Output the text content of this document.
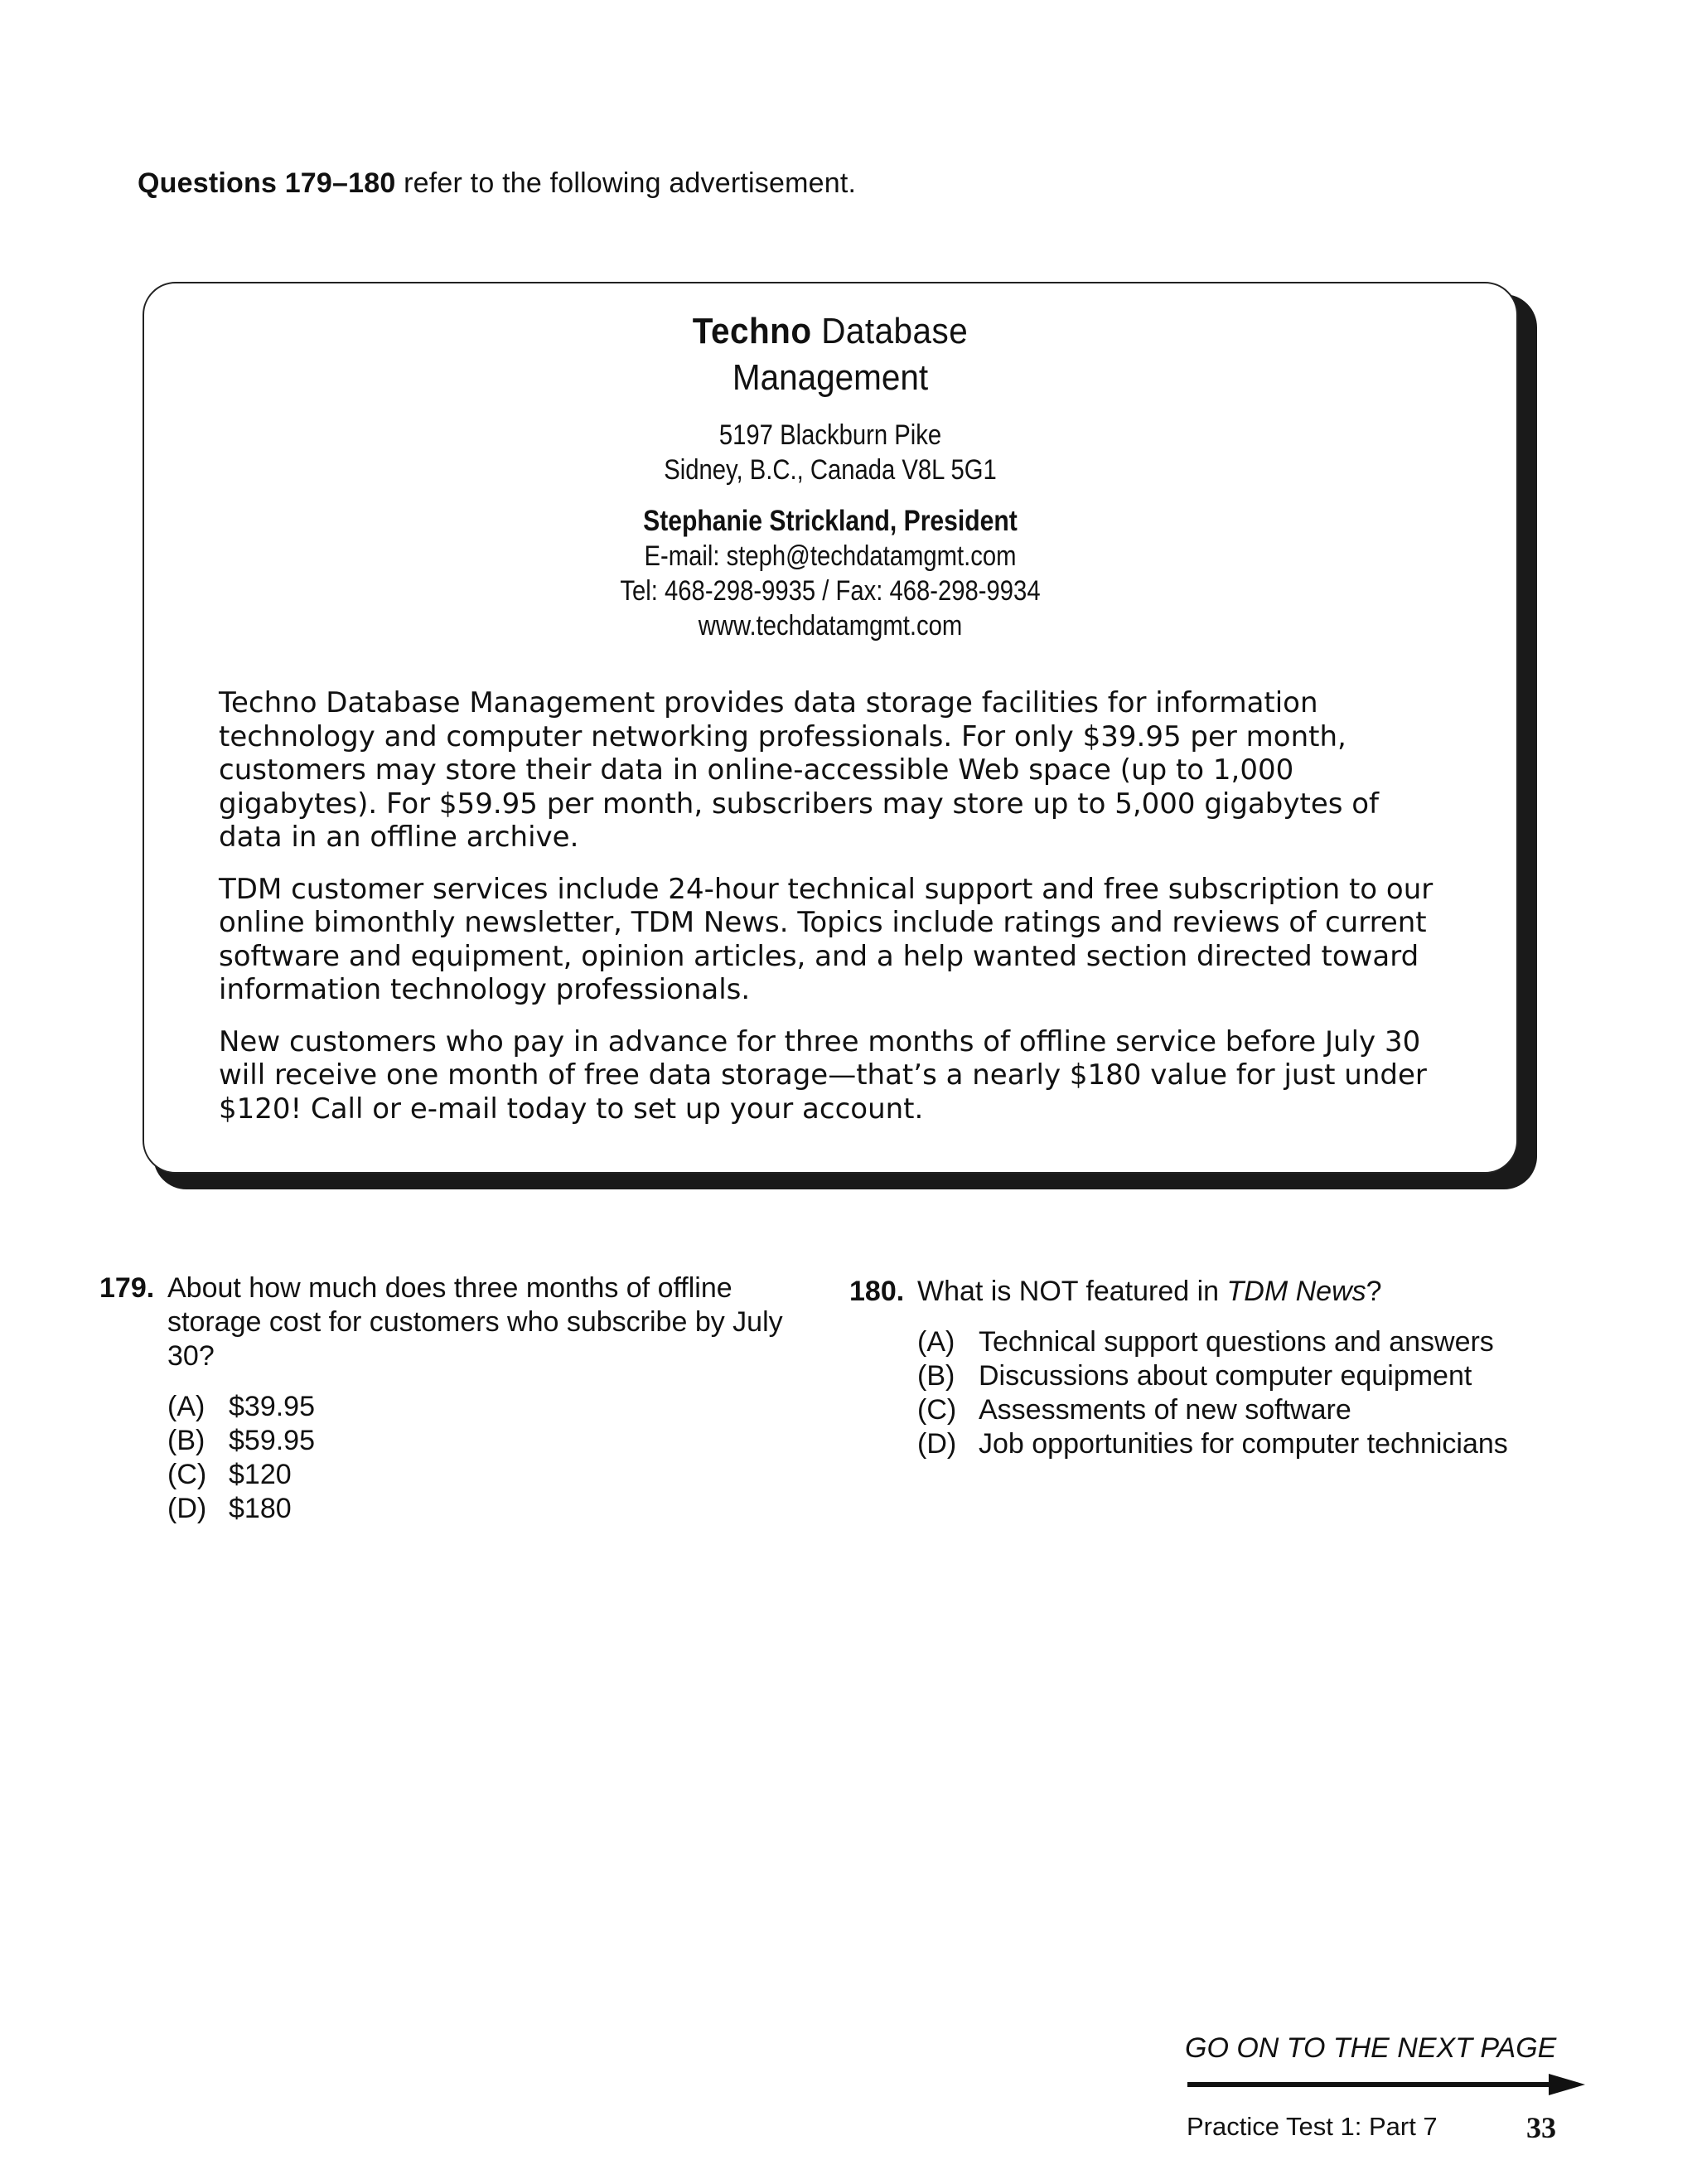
Questions 179–180 refer to the following advertisement.
Techno Database
Management
5197 Blackburn Pike
Sidney, B.C., Canada V8L 5G1
Stephanie Strickland, President
E-mail: steph@techdatamgmt.com
Tel: 468-298-9935 / Fax: 468-298-9934
www.techdatamgmt.com

Techno Database Management provides data storage facilities for information technology and computer networking professionals. For only $39.95 per month, customers may store their data in online-accessible Web space (up to 1,000 gigabytes). For $59.95 per month, subscribers may store up to 5,000 gigabytes of data in an offline archive.

TDM customer services include 24-hour technical support and free subscription to our online bimonthly newsletter, TDM News. Topics include ratings and reviews of current software and equipment, opinion articles, and a help wanted section directed toward information technology professionals.

New customers who pay in advance for three months of offline service before July 30 will receive one month of free data storage—that’s a nearly $180 value for just under $120! Call or e-mail today to set up your account.

179. About how much does three months of offline storage cost for customers who subscribe by July 30?
(A) $39.95
(B) $59.95
(C) $120
(D) $180
180. What is NOT featured in TDM News?
(A) Technical support questions and answers
(B) Discussions about computer equipment
(C) Assessments of new software
(D) Job opportunities for computer technicians
GO ON TO THE NEXT PAGE
Practice Test 1: Part 7	33
